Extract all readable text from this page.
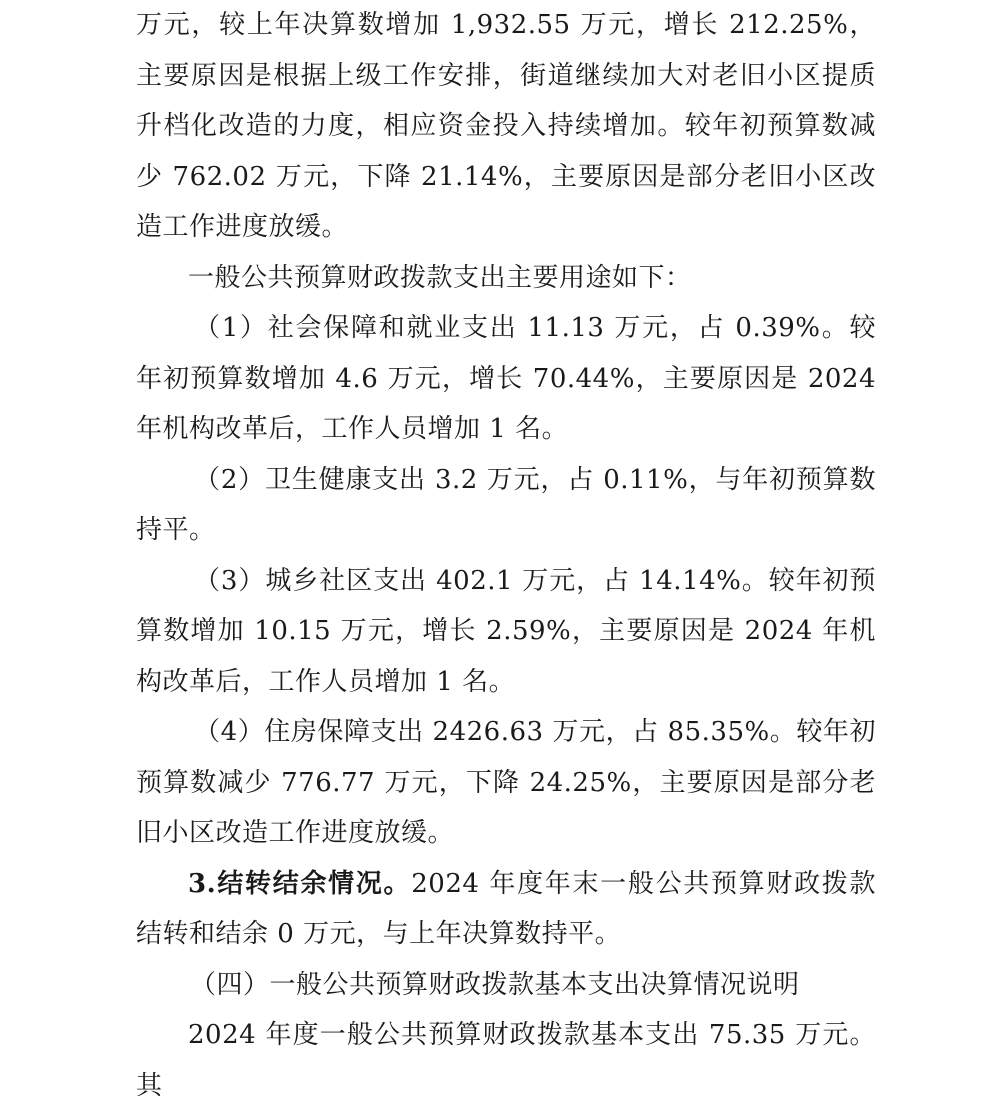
万元，较上年决算数增加 1,932.55 万元，增长 212.25%，主要原因是根据上级工作安排，街道继续加大对老旧小区提质升档化改造的力度，相应资金投入持续增加。较年初预算数减少 762.02 万元，下降 21.14%，主要原因是部分老旧小区改造工作进度放缓。

一般公共预算财政拨款支出主要用途如下：

（1）社会保障和就业支出 11.13 万元，占 0.39%。较年初预算数增加 4.6 万元，增长 70.44%，主要原因是 2024 年机构改革后，工作人员增加 1 名。

（2）卫生健康支出 3.2 万元，占 0.11%，与年初预算数持平。

（3）城乡社区支出 402.1 万元，占 14.14%。较年初预算数增加 10.15 万元，增长 2.59%，主要原因是 2024 年机构改革后，工作人员增加 1 名。

（4）住房保障支出 2426.63 万元，占 85.35%。较年初预算数减少 776.77 万元，下降 24.25%，主要原因是部分老旧小区改造工作进度放缓。

3.结转结余情况。2024 年度年末一般公共预算财政拨款结转和结余 0 万元，与上年决算数持平。

（四）一般公共预算财政拨款基本支出决算情况说明

2024 年度一般公共预算财政拨款基本支出 75.35 万元。其
